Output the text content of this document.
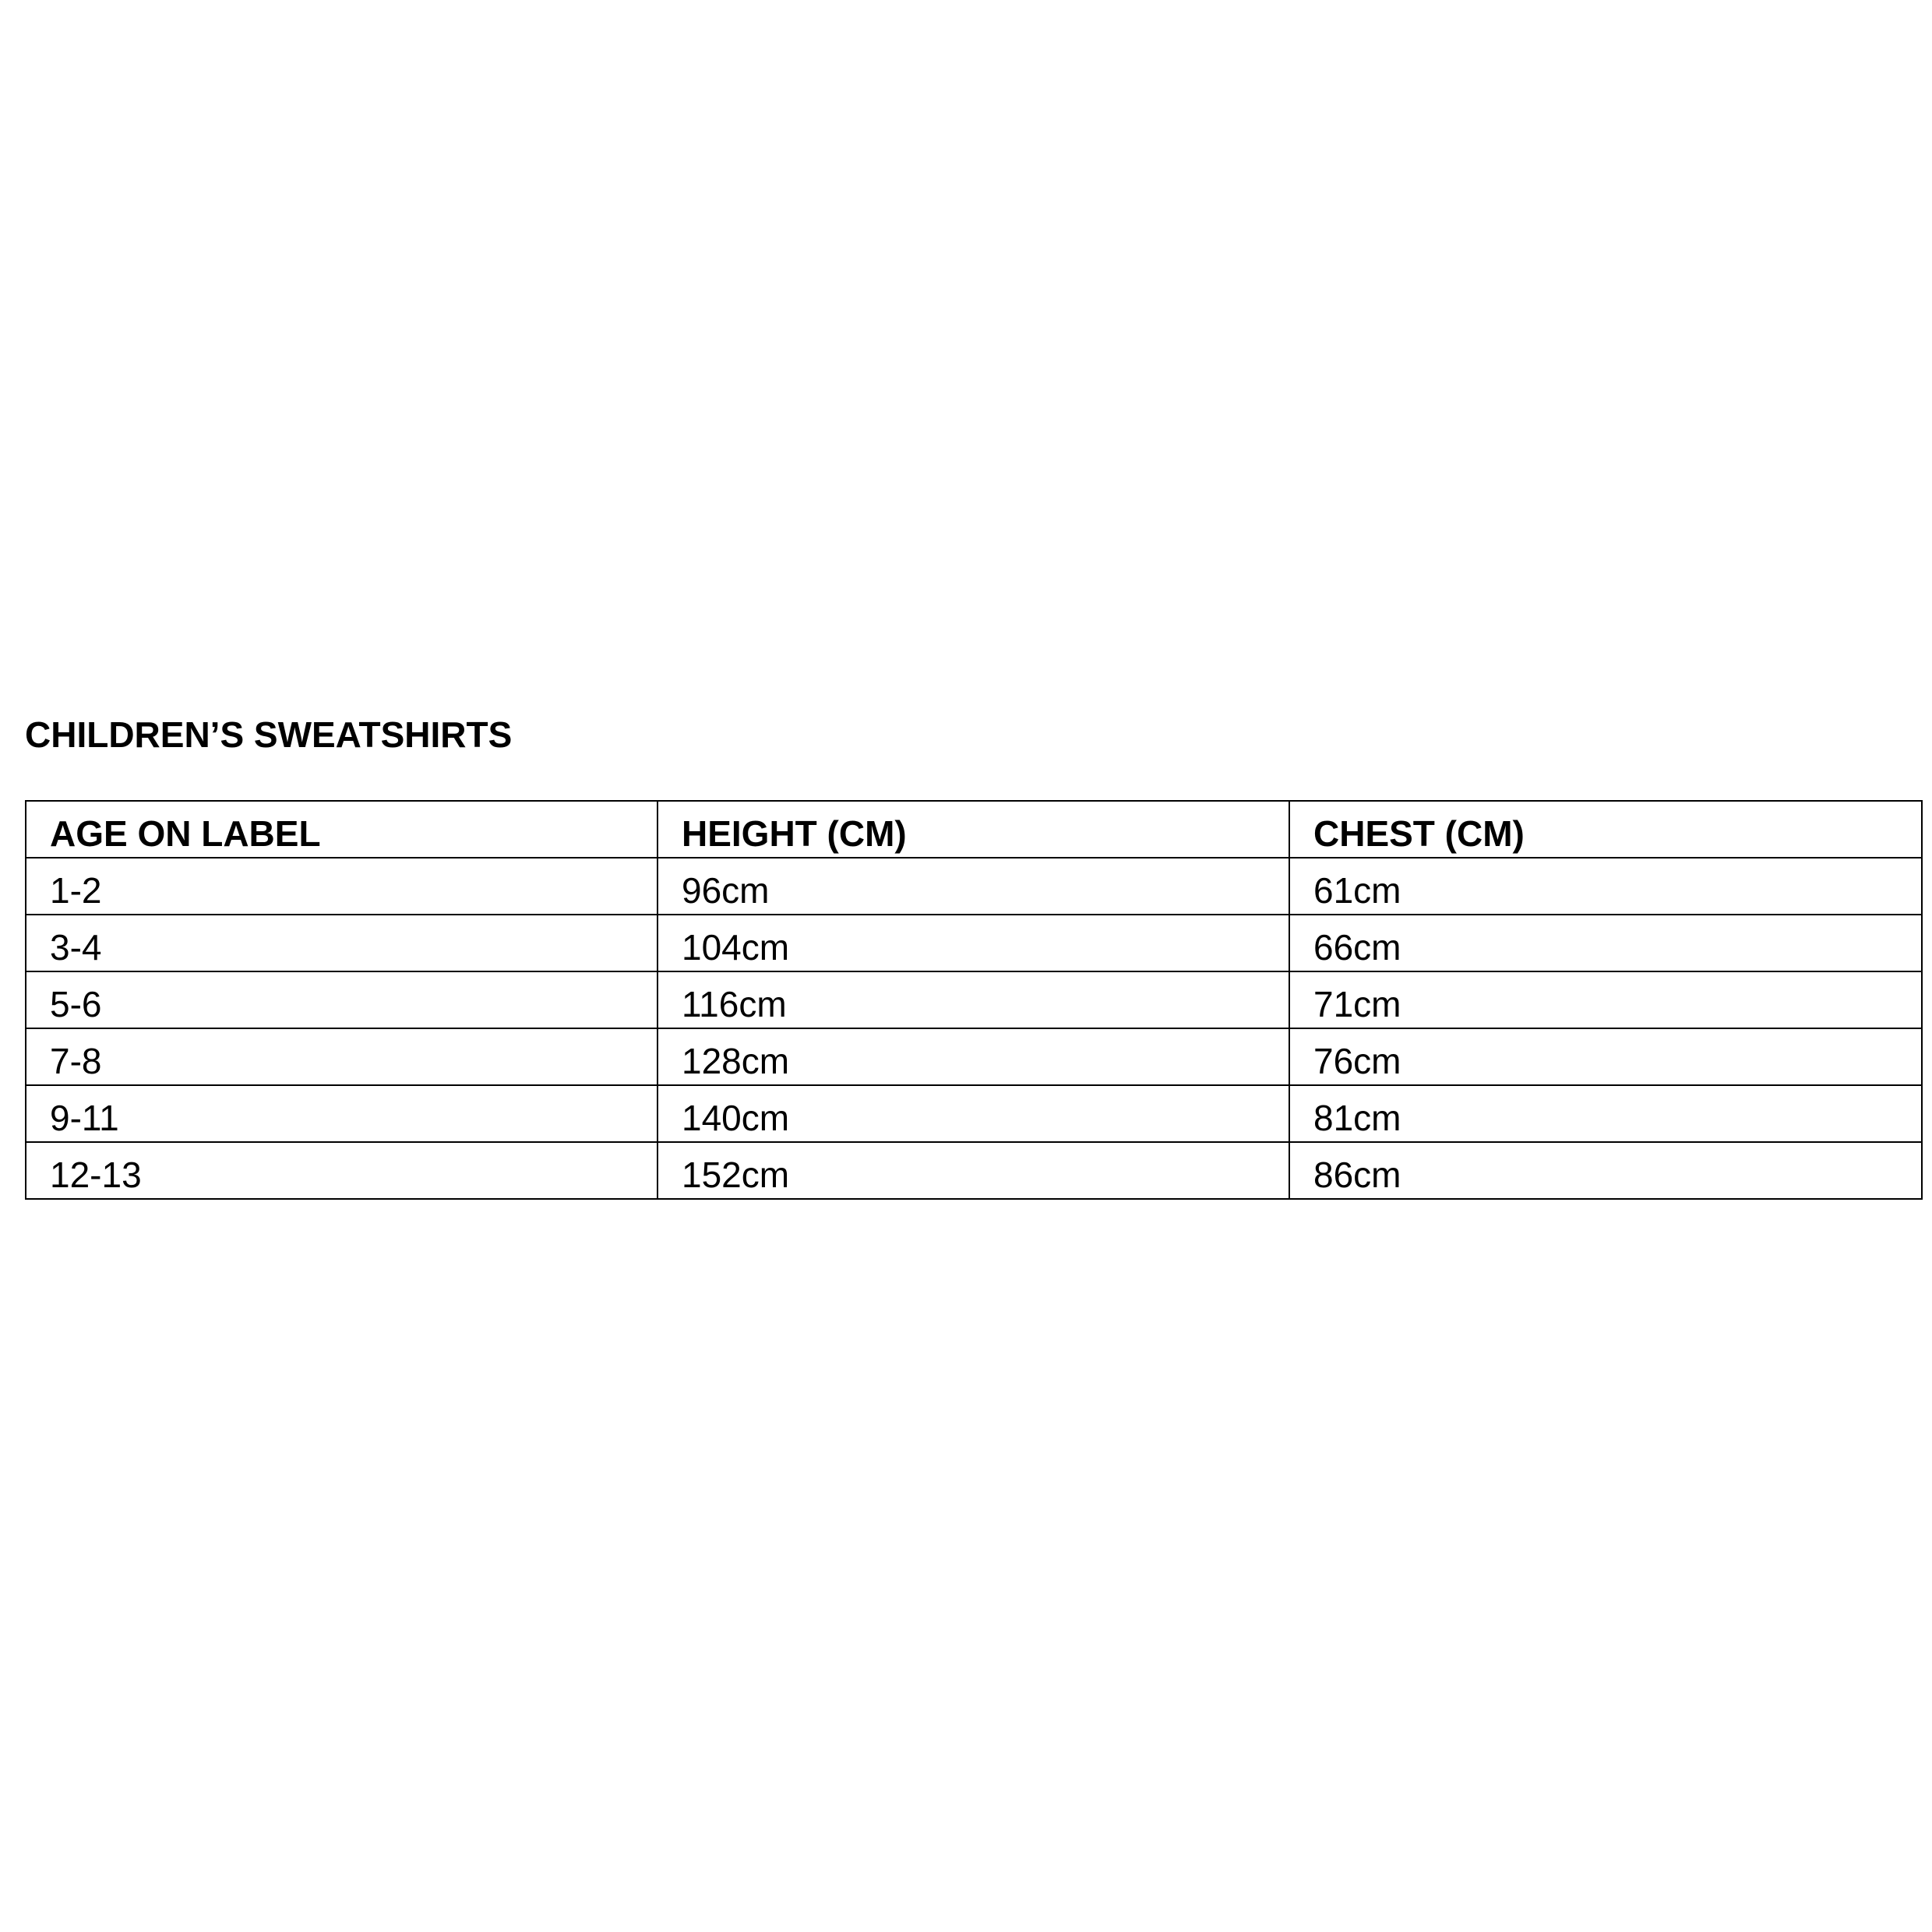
CHILDREN’S SWEATSHIRTS
AGE ON LABEL	HEIGHT (CM)	CHEST (CM)
1-2	96cm	61cm
3-4	104cm	66cm
5-6	116cm	71cm
7-8	128cm	76cm
9-11	140cm	81cm
12-13	152cm	86cm
